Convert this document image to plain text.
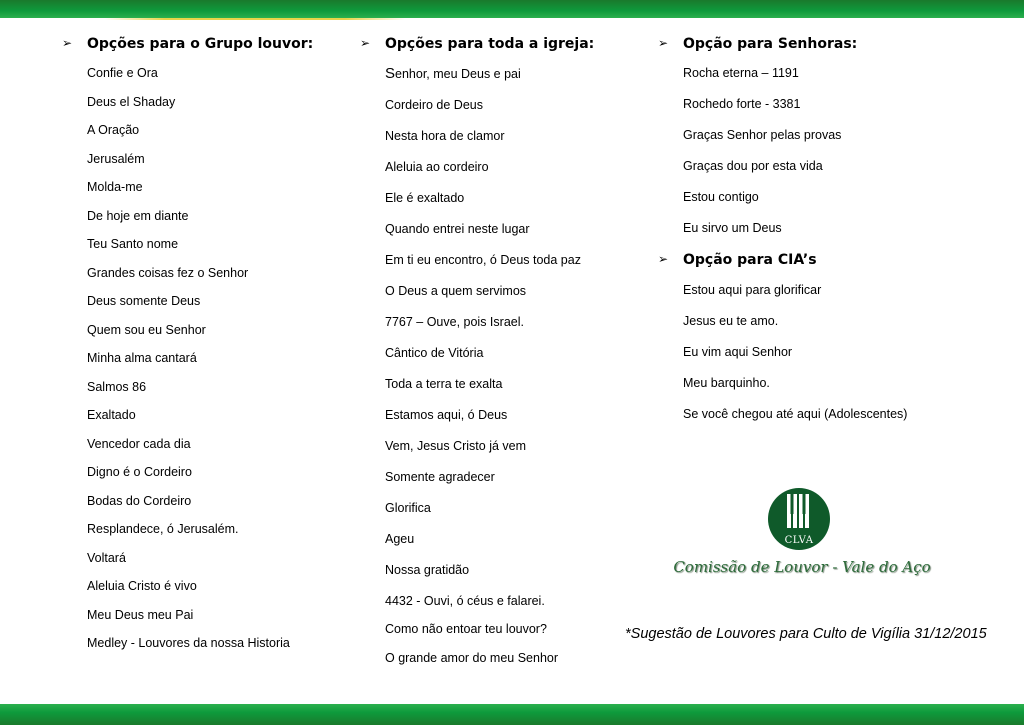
➢ Opções para o Grupo louvor:
Confie e Ora
Deus el Shaday
A Oração
Jerusalém
Molda-me
De hoje em diante
Teu Santo nome
Grandes coisas fez o Senhor
Deus somente Deus
Quem sou eu Senhor
Minha alma cantará
Salmos 86
Exaltado
Vencedor cada dia
Digno é o Cordeiro
Bodas do Cordeiro
Resplandece, ó Jerusalém.
Voltará
Aleluia Cristo é vivo
Meu Deus meu Pai
Medley - Louvores da nossa Historia
➢ Opções para toda a igreja:
Senhor, meu Deus e pai
Cordeiro de Deus
Nesta hora de clamor
Aleluia ao cordeiro
Ele é exaltado
Quando entrei neste lugar
Em ti eu encontro, ó Deus toda paz
O Deus a quem servimos
7767 – Ouve, pois Israel.
Cântico de Vitória
Toda a terra te exalta
Estamos aqui, ó Deus
Vem, Jesus Cristo já vem
Somente agradecer
Glorifica
Ageu
Nossa gratidão
4432 - Ouvi, ó céus e falarei.
Como não entoar teu louvor?
O grande amor do meu Senhor
➢ Opção para Senhoras:
Rocha eterna – 1191
Rochedo forte - 3381
Graças Senhor pelas provas
Graças dou por esta vida
Estou contigo
Eu sirvo um Deus
➢ Opção para CIA’s
Estou aqui para glorificar
Jesus eu te amo.
Eu vim aqui Senhor
Meu barquinho.
Se você chegou até aqui (Adolescentes)
CLVA
Comissão de Louvor - Vale do Aço
*Sugestão de Louvores para Culto de Vigília 31/12/2015
